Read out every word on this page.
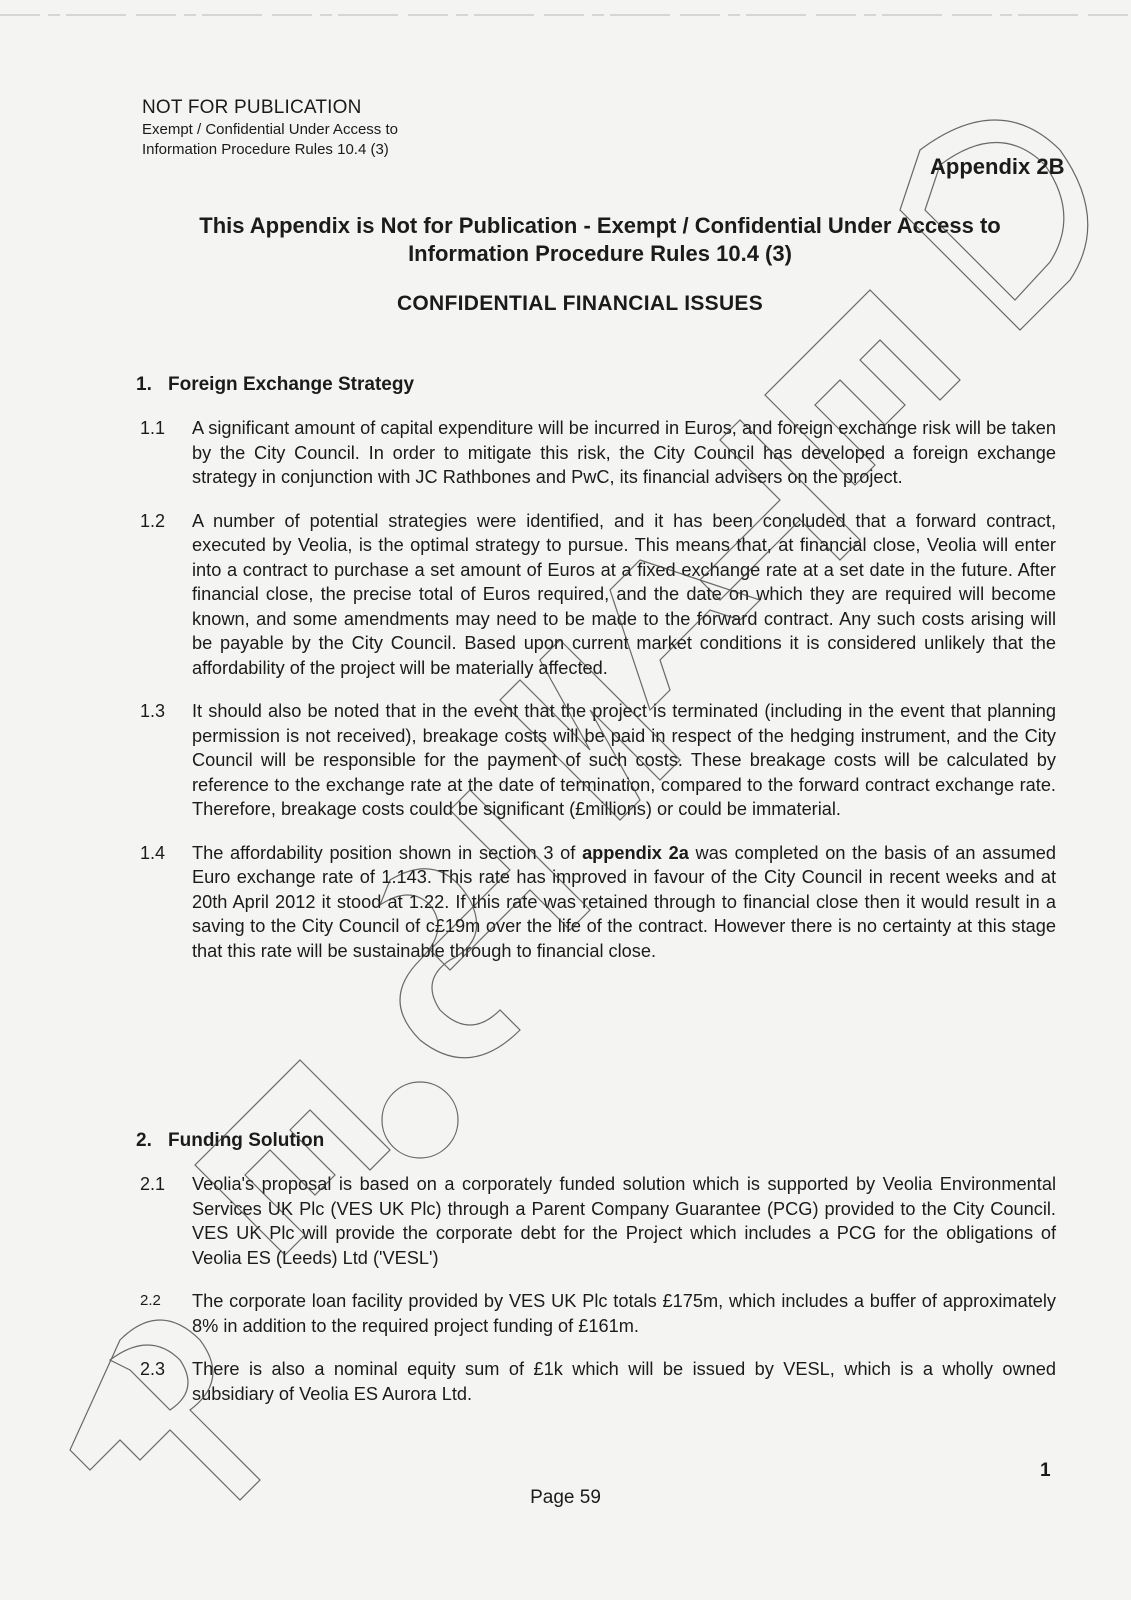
NOT FOR PUBLICATION
Exempt / Confidential Under Access to
Information Procedure Rules 10.4 (3)
Appendix 2B
This Appendix is Not for Publication - Exempt / Confidential Under Access to
Information Procedure Rules 10.4 (3)
CONFIDENTIAL FINANCIAL ISSUES
1. Foreign Exchange Strategy
1.1	A significant amount of capital expenditure will be incurred in Euros, and foreign exchange risk will be taken by the City Council. In order to mitigate this risk, the City Council has developed a foreign exchange strategy in conjunction with JC Rathbones and PwC, its financial advisers on the project.
1.2	A number of potential strategies were identified, and it has been concluded that a forward contract, executed by Veolia, is the optimal strategy to pursue. This means that, at financial close, Veolia will enter into a contract to purchase a set amount of Euros at a fixed exchange rate at a set date in the future. After financial close, the precise total of Euros required, and the date on which they are required will become known, and some amendments may need to be made to the forward contract. Any such costs arising will be payable by the City Council. Based upon current market conditions it is considered unlikely that the affordability of the project will be materially affected.
1.3	It should also be noted that in the event that the project is terminated (including in the event that planning permission is not received), breakage costs will be paid in respect of the hedging instrument, and the City Council will be responsible for the payment of such costs. These breakage costs will be calculated by reference to the exchange rate at the date of termination, compared to the forward contract exchange rate. Therefore, breakage costs could be significant (£millions) or could be immaterial.
1.4	The affordability position shown in section 3 of appendix 2a was completed on the basis of an assumed Euro exchange rate of 1.143. This rate has improved in favour of the City Council in recent weeks and at 20th April 2012 it stood at 1.22. If this rate was retained through to financial close then it would result in a saving to the City Council of c£19m over the life of the contract. However there is no certainty at this stage that this rate will be sustainable through to financial close.
2. Funding Solution
2.1	Veolia's proposal is based on a corporately funded solution which is supported by Veolia Environmental Services UK Plc (VES UK Plc) through a Parent Company Guarantee (PCG) provided to the City Council. VES UK Plc will provide the corporate debt for the Project which includes a PCG for the obligations of Veolia ES (Leeds) Ltd ('VESL')
2.2	The corporate loan facility provided by VES UK Plc totals £175m, which includes a buffer of approximately 8% in addition to the required project funding of £161m.
2.3	There is also a nominal equity sum of £1k which will be issued by VESL, which is a wholly owned subsidiary of Veolia ES Aurora Ltd.
1
Page 59
